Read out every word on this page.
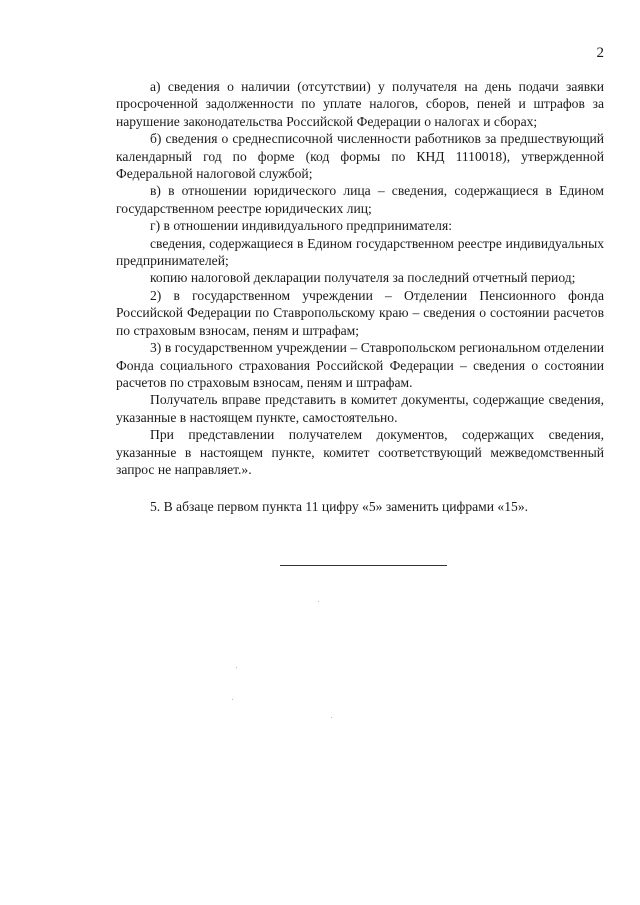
2

а) сведения о наличии (отсутствии) у получателя на день подачи заявки просроченной задолженности по уплате налогов, сборов, пеней и штрафов за нарушение законодательства Российской Федерации о налогах и сборах;

б) сведения о среднесписочной численности работников за предшествующий календарный год по форме (код формы по КНД 1110018), утвержденной Федеральной налоговой службой;

в) в отношении юридического лица – сведения, содержащиеся в Едином государственном реестре юридических лиц;

г) в отношении индивидуального предпринимателя:

сведения, содержащиеся в Едином государственном реестре индивидуальных предпринимателей;

копию налоговой декларации получателя за последний отчетный период;

2) в государственном учреждении – Отделении Пенсионного фонда Российской Федерации по Ставропольскому краю – сведения о состоянии расчетов по страховым взносам, пеням и штрафам;

3) в государственном учреждении – Ставропольском региональном отделении Фонда социального страхования Российской Федерации – сведения о состоянии расчетов по страховым взносам, пеням и штрафам.

Получатель вправе представить в комитет документы, содержащие сведения, указанные в настоящем пункте, самостоятельно.

При представлении получателем документов, содержащих сведения, указанные в настоящем пункте, комитет соответствующий межведомственный запрос не направляет.».

5. В абзаце первом пункта 11 цифру «5» заменить цифрами «15».
